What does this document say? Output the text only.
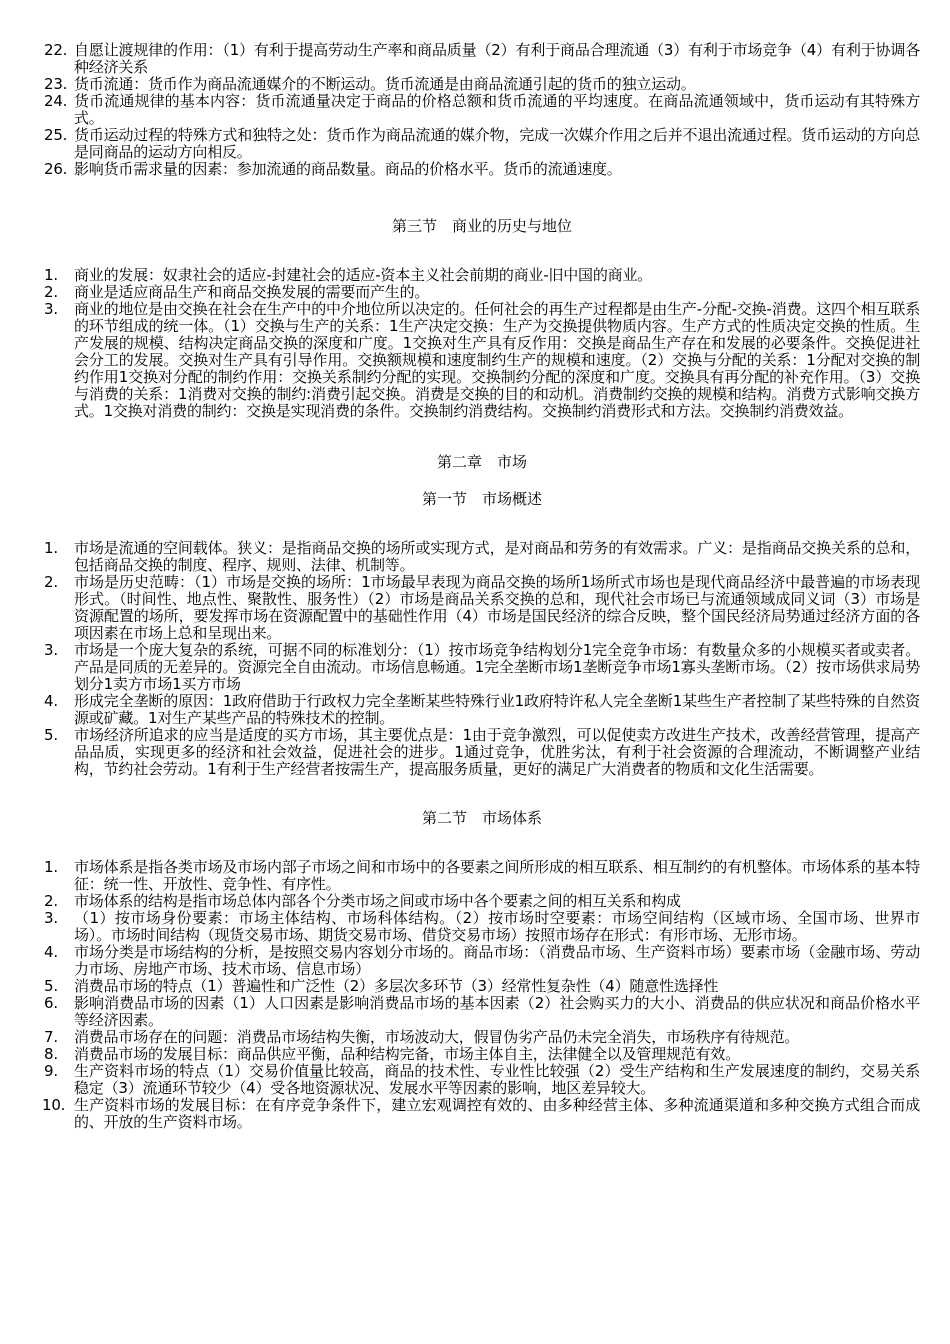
22. 自愿让渡规律的作用：（1）有利于提高劳动生产率和商品质量（2）有利于商品合理流通（3）有利于市场竞争（4）有利于协调各种经济关系
23. 货币流通：货币作为商品流通媒介的不断运动。货币流通是由商品流通引起的货币的独立运动。
24. 货币流通规律的基本内容：货币流通量决定于商品的价格总额和货币流通的平均速度。在商品流通领域中，货币运动有其特殊方式。
25. 货币运动过程的特殊方式和独特之处：货币作为商品流通的媒介物，完成一次媒介作用之后并不退出流通过程。货币运动的方向总是同商品的运动方向相反。
26. 影响货币需求量的因素：参加流通的商品数量。商品的价格水平。货币的流通速度。

第三节　商业的历史与地位

1.	商业的发展：奴隶社会的适应-封建社会的适应-资本主义社会前期的商业-旧中国的商业。
2.	商业是适应商品生产和商品交换发展的需要而产生的。
3.	商业的地位是由交换在社会在生产中的中介地位所以决定的。任何社会的再生产过程都是由生产-分配-交换-消费。这四个相互联系的环节组成的统一体。（1）交换与生产的关系：1生产决定交换：生产为交换提供物质内容。生产方式的性质决定交换的性质。生产发展的规模、结构决定商品交换的深度和广度。1交换对生产具有反作用：交换是商品生产存在和发展的必要条件。交换促进社会分工的发展。交换对生产具有引导作用。交换额规模和速度制约生产的规模和速度。（2）交换与分配的关系：1分配对交换的制约作用1交换对分配的制约作用：交换关系制约分配的实现。交换制约分配的深度和广度。交换具有再分配的补充作用。（3）交换与消费的关系：1消费对交换的制约:消费引起交换。消费是交换的目的和动机。消费制约交换的规模和结构。消费方式影响交换方式。1交换对消费的制约：交换是实现消费的条件。交换制约消费结构。交换制约消费形式和方法。交换制约消费效益。

第二章　市场

第一节　市场概述

1.	市场是流通的空间载体。狭义：是指商品交换的场所或实现方式，是对商品和劳务的有效需求。广义：是指商品交换关系的总和，包括商品交换的制度、程序、规则、法律、机制等。
2.	市场是历史范畴：（1）市场是交换的场所：1市场最早表现为商品交换的场所1场所式市场也是现代商品经济中最普遍的市场表现形式。（时间性、地点性、聚散性、服务性）（2）市场是商品关系交换的总和，现代社会市场已与流通领域成同义词（3）市场是资源配置的场所，要发挥市场在资源配置中的基础性作用（4）市场是国民经济的综合反映，整个国民经济局势通过经济方面的各项因素在市场上总和呈现出来。
3.	市场是一个庞大复杂的系统，可据不同的标准划分：（1）按市场竞争结构划分1完全竞争市场：有数量众多的小规模买者或卖者。产品是同质的无差异的。资源完全自由流动。市场信息畅通。1完全垄断市场1垄断竞争市场1寡头垄断市场。（2）按市场供求局势划分1卖方市场1买方市场
4.	形成完全垄断的原因：1政府借助于行政权力完全垄断某些特殊行业1政府特许私人完全垄断1某些生产者控制了某些特殊的自然资源或矿藏。1对生产某些产品的特殊技术的控制。
5.	市场经济所追求的应当是适度的买方市场，其主要优点是：1由于竞争激烈，可以促使卖方改进生产技术，改善经营管理，提高产品品质，实现更多的经济和社会效益，促进社会的进步。1通过竞争，优胜劣汰，有利于社会资源的合理流动，不断调整产业结构，节约社会劳动。1有利于生产经营者按需生产，提高服务质量，更好的满足广大消费者的物质和文化生活需要。

第二节　市场体系

1.	市场体系是指各类市场及市场内部子市场之间和市场中的各要素之间所形成的相互联系、相互制约的有机整体。市场体系的基本特征：统一性、开放性、竞争性、有序性。
2.	市场体系的结构是指市场总体内部各个分类市场之间或市场中各个要素之间的相互关系和构成
3.	（1）按市场身份要素：市场主体结构、市场科体结构。（2）按市场时空要素：市场空间结构（区域市场、全国市场、世界市场）。市场时间结构（现货交易市场、期货交易市场、借贷交易市场）按照市场存在形式：有形市场、无形市场。
4.	市场分类是市场结构的分析，是按照交易内容划分市场的。商品市场：（消费品市场、生产资料市场）要素市场（金融市场、劳动力市场、房地产市场、技术市场、信息市场）
5.	消费品市场的特点（1）普遍性和广泛性（2）多层次多环节（3）经常性复杂性（4）随意性选择性
6.	影响消费品市场的因素（1）人口因素是影响消费品市场的基本因素（2）社会购买力的大小、消费品的供应状况和商品价格水平等经济因素。
7.	消费品市场存在的问题：消费品市场结构失衡，市场波动大，假冒伪劣产品仍未完全消失，市场秩序有待规范。
8.	消费品市场的发展目标：商品供应平衡，品种结构完备，市场主体自主，法律健全以及管理规范有效。
9.	生产资料市场的特点（1）交易价值量比较高，商品的技术性、专业性比较强（2）受生产结构和生产发展速度的制约，交易关系稳定（3）流通环节较少（4）受各地资源状况、发展水平等因素的影响，地区差异较大。
10. 生产资料市场的发展目标：在有序竞争条件下，建立宏观调控有效的、由多种经营主体、多种流通渠道和多种交换方式组合而成的、开放的生产资料市场。
